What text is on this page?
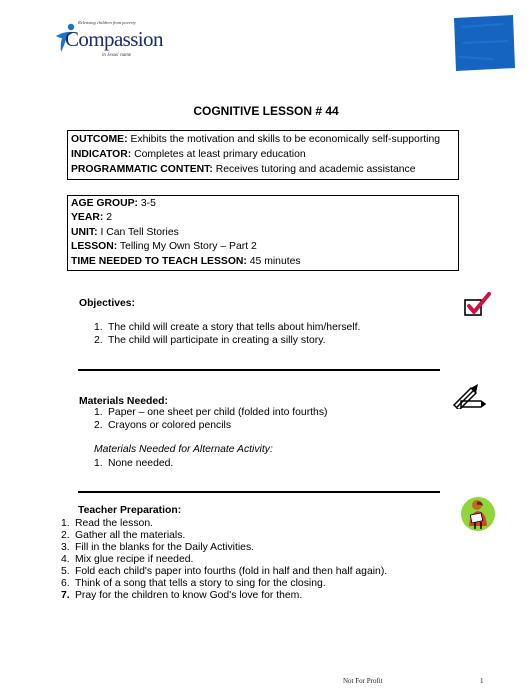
Releasing children from poverty
Compassion
in Jesus' name
COGNITIVE LESSON # 44
OUTCOME: Exhibits the motivation and skills to be economically self-supporting
INDICATOR: Completes at least primary education
PROGRAMMATIC CONTENT: Receives tutoring and academic assistance
AGE GROUP: 3-5
YEAR: 2
UNIT: I Can Tell Stories
LESSON: Telling My Own Story – Part 2
TIME NEEDED TO TEACH LESSON: 45 minutes
Objectives:
1. The child will create a story that tells about him/herself.
2. The child will participate in creating a silly story.
Materials Needed:
1. Paper – one sheet per child (folded into fourths)
2. Crayons or colored pencils
Materials Needed for Alternate Activity:
1. None needed.
Teacher Preparation:
1. Read the lesson.
2. Gather all the materials.
3. Fill in the blanks for the Daily Activities.
4. Mix glue recipe if needed.
5. Fold each child's paper into fourths (fold in half and then half again).
6. Think of a song that tells a story to sing for the closing.
7. Pray for the children to know God's love for them.
Not For Profit	1
